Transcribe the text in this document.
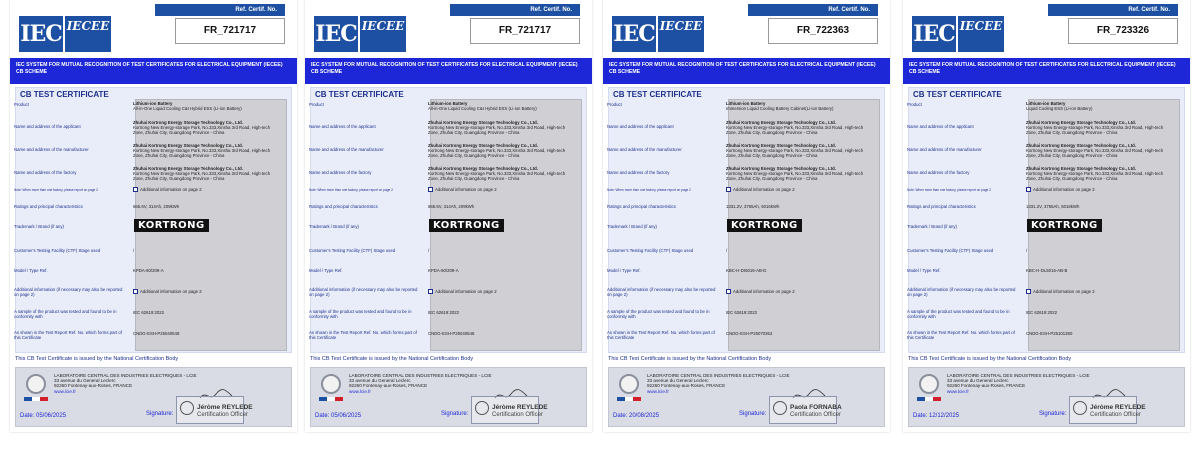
IEC IECEE
Ref. Certif. No.
FR_721717
IEC SYSTEM FOR MUTUAL RECOGNITION OF TEST CERTIFICATES FOR ELECTRICAL EQUIPMENT (IECEE) CB SCHEME
CB TEST CERTIFICATE
Product	Lithium-ion Battery
All-in-One Liquid Cooling C&I Hybrid ESS (Li-ion Battery)
Name and address of the applicant
Zhuhai Kortrong Energy Storage Technology Co., Ltd.
Kortrong New Energy-storage Park, No.333,Xinsha 3rd Road, High-tech Zone, Zhuhai City, Guangdong Province - China
Name and address of the manufacturer
Zhuhai Kortrong Energy Storage Technology Co., Ltd.
Kortrong New Energy-storage Park, No.333,Xinsha 3rd Road, High-tech Zone, Zhuhai City, Guangdong Province - China
Name and address of the factory
Zhuhai Kortrong Energy Storage Technology Co., Ltd.
Kortrong New Energy-storage Park, No.333,Xinsha 3rd Road, High-tech Zone, Zhuhai City, Guangdong Province - China
Note: When more than one factory, please report on page 2	Additional information on page 2
Ratings and principal characteristics	665.6V, 314Ah, 209kWh
Trademark / Brand (if any)	KORTRONG
Customer's Testing Facility (CTF) Stage used	/
Model / Type Ref.	KPDA-60/209-A
Additional information (if necessary may also be reported on page 2)
Additional information on page 2
A sample of the product was tested and found to be in conformity with
IEC 62619:2022
As shown in the Test Report Ref. No. which forms part of this Certificate
CNDG-ESH-P25040548
This CB Test Certificate is issued by the National Certification Body
LABORATOIRE CENTRAL DES INDUSTRIES ELECTRIQUES - LCIE
33 avenue du General Leclerc
92260 Fontenay-aux-Roses, FRANCE
www.lcie.fr
Date: 05/06/2025	Signature:
Jéròme REYLEDE
Certification Officer
IEC IECEE
Ref. Certif. No.
FR_721717
IEC SYSTEM FOR MUTUAL RECOGNITION OF TEST CERTIFICATES FOR ELECTRICAL EQUIPMENT (IECEE) CB SCHEME
CB TEST CERTIFICATE
Product	Lithium-ion Battery
All-in-One Liquid Cooling C&I Hybrid ESS (Li-ion Battery)
Name and address of the applicant
Zhuhai Kortrong Energy Storage Technology Co., Ltd.
Kortrong New Energy-storage Park, No.333,Xinsha 3rd Road, High-tech Zone, Zhuhai City, Guangdong Province - China
Name and address of the manufacturer
Zhuhai Kortrong Energy Storage Technology Co., Ltd.
Kortrong New Energy-storage Park, No.333,Xinsha 3rd Road, High-tech Zone, Zhuhai City, Guangdong Province - China
Name and address of the factory
Zhuhai Kortrong Energy Storage Technology Co., Ltd.
Kortrong New Energy-storage Park, No.333,Xinsha 3rd Road, High-tech Zone, Zhuhai City, Guangdong Province - China
Note: When more than one factory, please report on page 2	Additional information on page 2
Ratings and principal characteristics	665.6V, 314Ah, 209kWh
Trademark / Brand (if any)	KORTRONG
Customer's Testing Facility (CTF) Stage used	/
Model / Type Ref.	KPDA-60/209-A
Additional information (if necessary may also be reported on page 2)
Additional information on page 2
A sample of the product was tested and found to be in conformity with
IEC 62619:2022
As shown in the Test Report Ref. No. which forms part of this Certificate
CNDG-ESH-P25040548
This CB Test Certificate is issued by the National Certification Body
LABORATOIRE CENTRAL DES INDUSTRIES ELECTRIQUES - LCIE
33 avenue du General Leclerc
92260 Fontenay-aux-Roses, FRANCE
www.lcie.fr
Date: 05/06/2025	Signature:
Jéròme REYLEDE
Certification Officer
IEC IECEE
Ref. Certif. No.
FR_722363
IEC SYSTEM FOR MUTUAL RECOGNITION OF TEST CERTIFICATES FOR ELECTRICAL EQUIPMENT (IECEE) CB SCHEME
CB TEST CERTIFICATE
Product	Lithium-ion Battery
Immersion Liquid Cooling Battery Cabinet(Li-ion Battery)
Name and address of the applicant
Zhuhai Kortrong Energy Storage Technology Co., Ltd.
Kortrong New Energy-storage Park, No.333,Xinsha 3rd Road, High-tech Zone, Zhuhai City, Guangdong Province - China
Name and address of the manufacturer
Zhuhai Kortrong Energy Storage Technology Co., Ltd.
Kortrong New Energy-storage Park, No.333,Xinsha 3rd Road, High-tech Zone, Zhuhai City, Guangdong Province - China
Name and address of the factory
Zhuhai Kortrong Energy Storage Technology Co., Ltd.
Kortrong New Energy-storage Park, No.333,Xinsha 3rd Road, High-tech Zone, Zhuhai City, Guangdong Province - China
Note: When more than one factory, please report on page 2	Additional information on page 2
Ratings and principal characteristics	1331.2V, 3765Ah, 5016kWh
Trademark / Brand (if any)	KORTRONG
Customer's Testing Facility (CTF) Stage used	/
Model / Type Ref.	KBC-H-DI5016-AB-D
Additional information (if necessary may also be reported on page 2)
Additional information on page 2
A sample of the product was tested and found to be in conformity with
IEC 62619:2022
As shown in the Test Report Ref. No. which forms part of this Certificate
CNDG-ESH-P25070362
This CB Test Certificate is issued by the National Certification Body
LABORATOIRE CENTRAL DES INDUSTRIES ELECTRIQUES - LCIE
33 avenue du General Leclerc
92260 Fontenay-aux-Roses, FRANCE
www.lcie.fr
Date: 20/08/2025	Signature:
Paola FORNABA
Certification Officer
IEC IECEE
Ref. Certif. No.
FR_723326
IEC SYSTEM FOR MUTUAL RECOGNITION OF TEST CERTIFICATES FOR ELECTRICAL EQUIPMENT (IECEE) CB SCHEME
CB TEST CERTIFICATE
Product	Lithium-ion Battery
Liquid Cooling ESS (Li-ion Battery)
Name and address of the applicant
Zhuhai Kortrong Energy Storage Technology Co., Ltd.
Kortrong New Energy-storage Park, No.333,Xinsha 3rd Road, High-tech Zone, Zhuhai City, Guangdong Province - China
Name and address of the manufacturer
Zhuhai Kortrong Energy Storage Technology Co., Ltd.
Kortrong New Energy-storage Park, No.333,Xinsha 3rd Road, High-tech Zone, Zhuhai City, Guangdong Province - China
Name and address of the factory
Zhuhai Kortrong Energy Storage Technology Co., Ltd.
Kortrong New Energy-storage Park, No.333,Xinsha 3rd Road, High-tech Zone, Zhuhai City, Guangdong Province - China
Note: When more than one factory, please report on page 2	Additional information on page 2
Ratings and principal characteristics	1331.2V, 3765Ah, 5016kWh
Trademark / Brand (if any)	KORTRONG
Customer's Testing Facility (CTF) Stage used	/
Model / Type Ref.	KBC-H-DL5016-AB-B
Additional information (if necessary may also be reported on page 2)
Additional information on page 2
A sample of the product was tested and found to be in conformity with
IEC 62619:2022
As shown in the Test Report Ref. No. which forms part of this Certificate
CNDG-ESH-P25101380
This CB Test Certificate is issued by the National Certification Body
LABORATOIRE CENTRAL DES INDUSTRIES ELECTRIQUES - LCIE
33 avenue du General Leclerc
92260 Fontenay-aux-Roses, FRANCE
www.lcie.fr
Date: 12/12/2025	Signature:
Jéròme REYLEDE
Certification Officer
